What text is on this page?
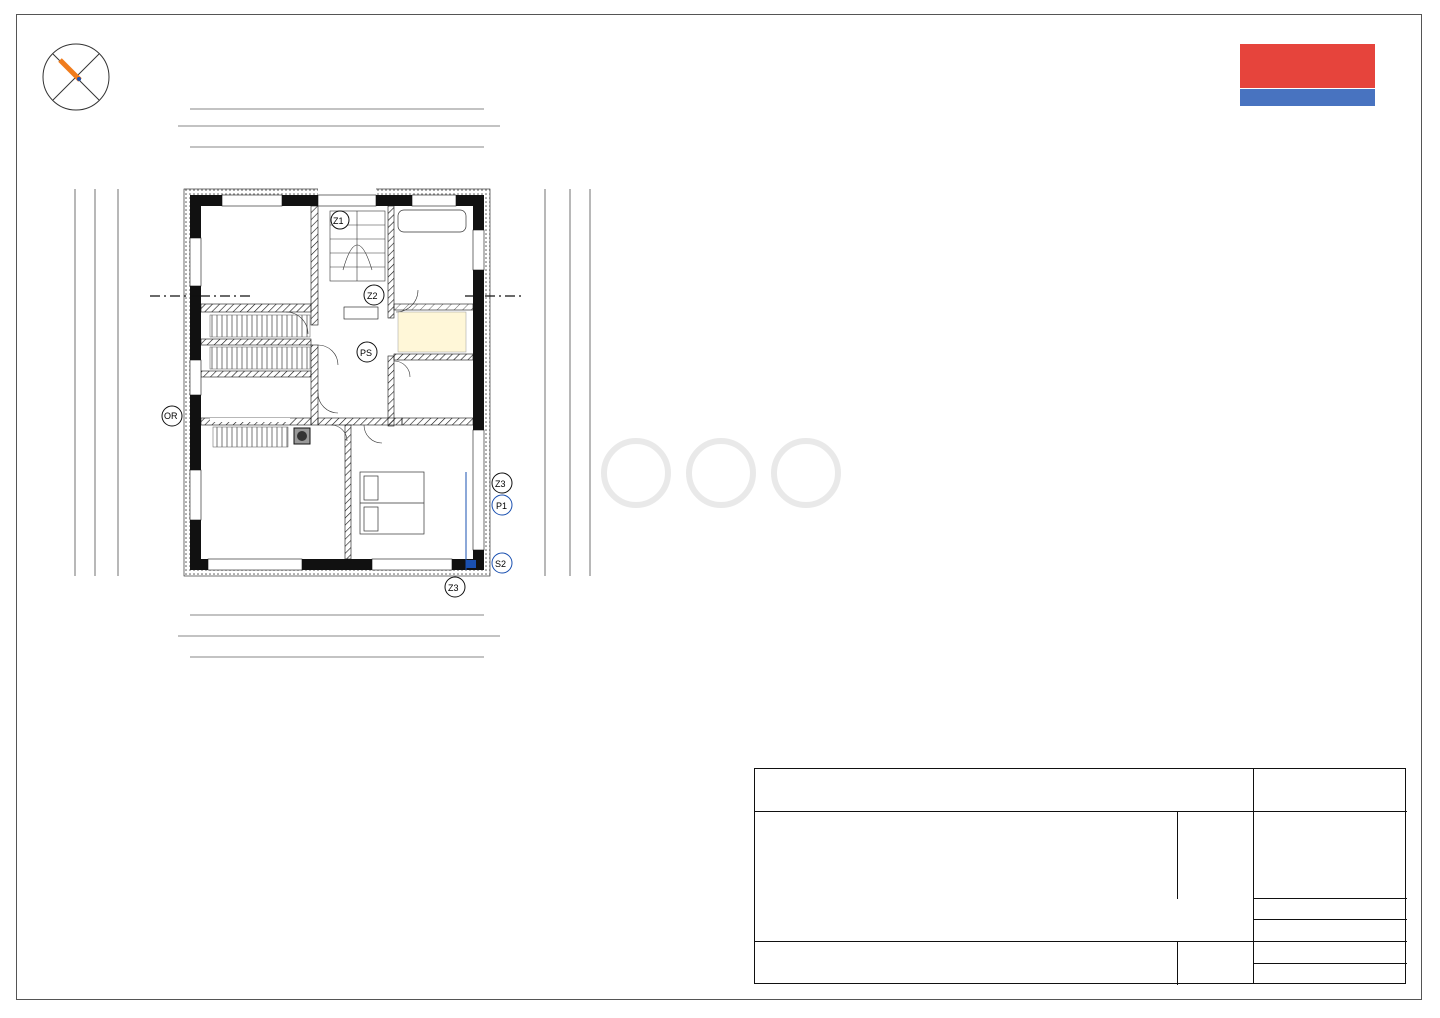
Z1
Z2
PS
OR
Z3
P1
S2
Z3
